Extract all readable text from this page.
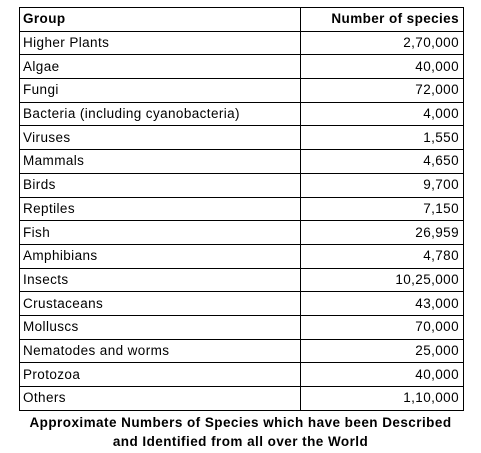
Group	Number of species
Higher Plants	2,70,000
Algae	40,000
Fungi	72,000
Bacteria (including cyanobacteria)	4,000
Viruses	1,550
Mammals	4,650
Birds	9,700
Reptiles	7,150
Fish	26,959
Amphibians	4,780
Insects	10,25,000
Crustaceans	43,000
Molluscs	70,000
Nematodes and worms	25,000
Protozoa	40,000
Others	1,10,000
Approximate Numbers of Species which have been Described
and Identified from all over the World
